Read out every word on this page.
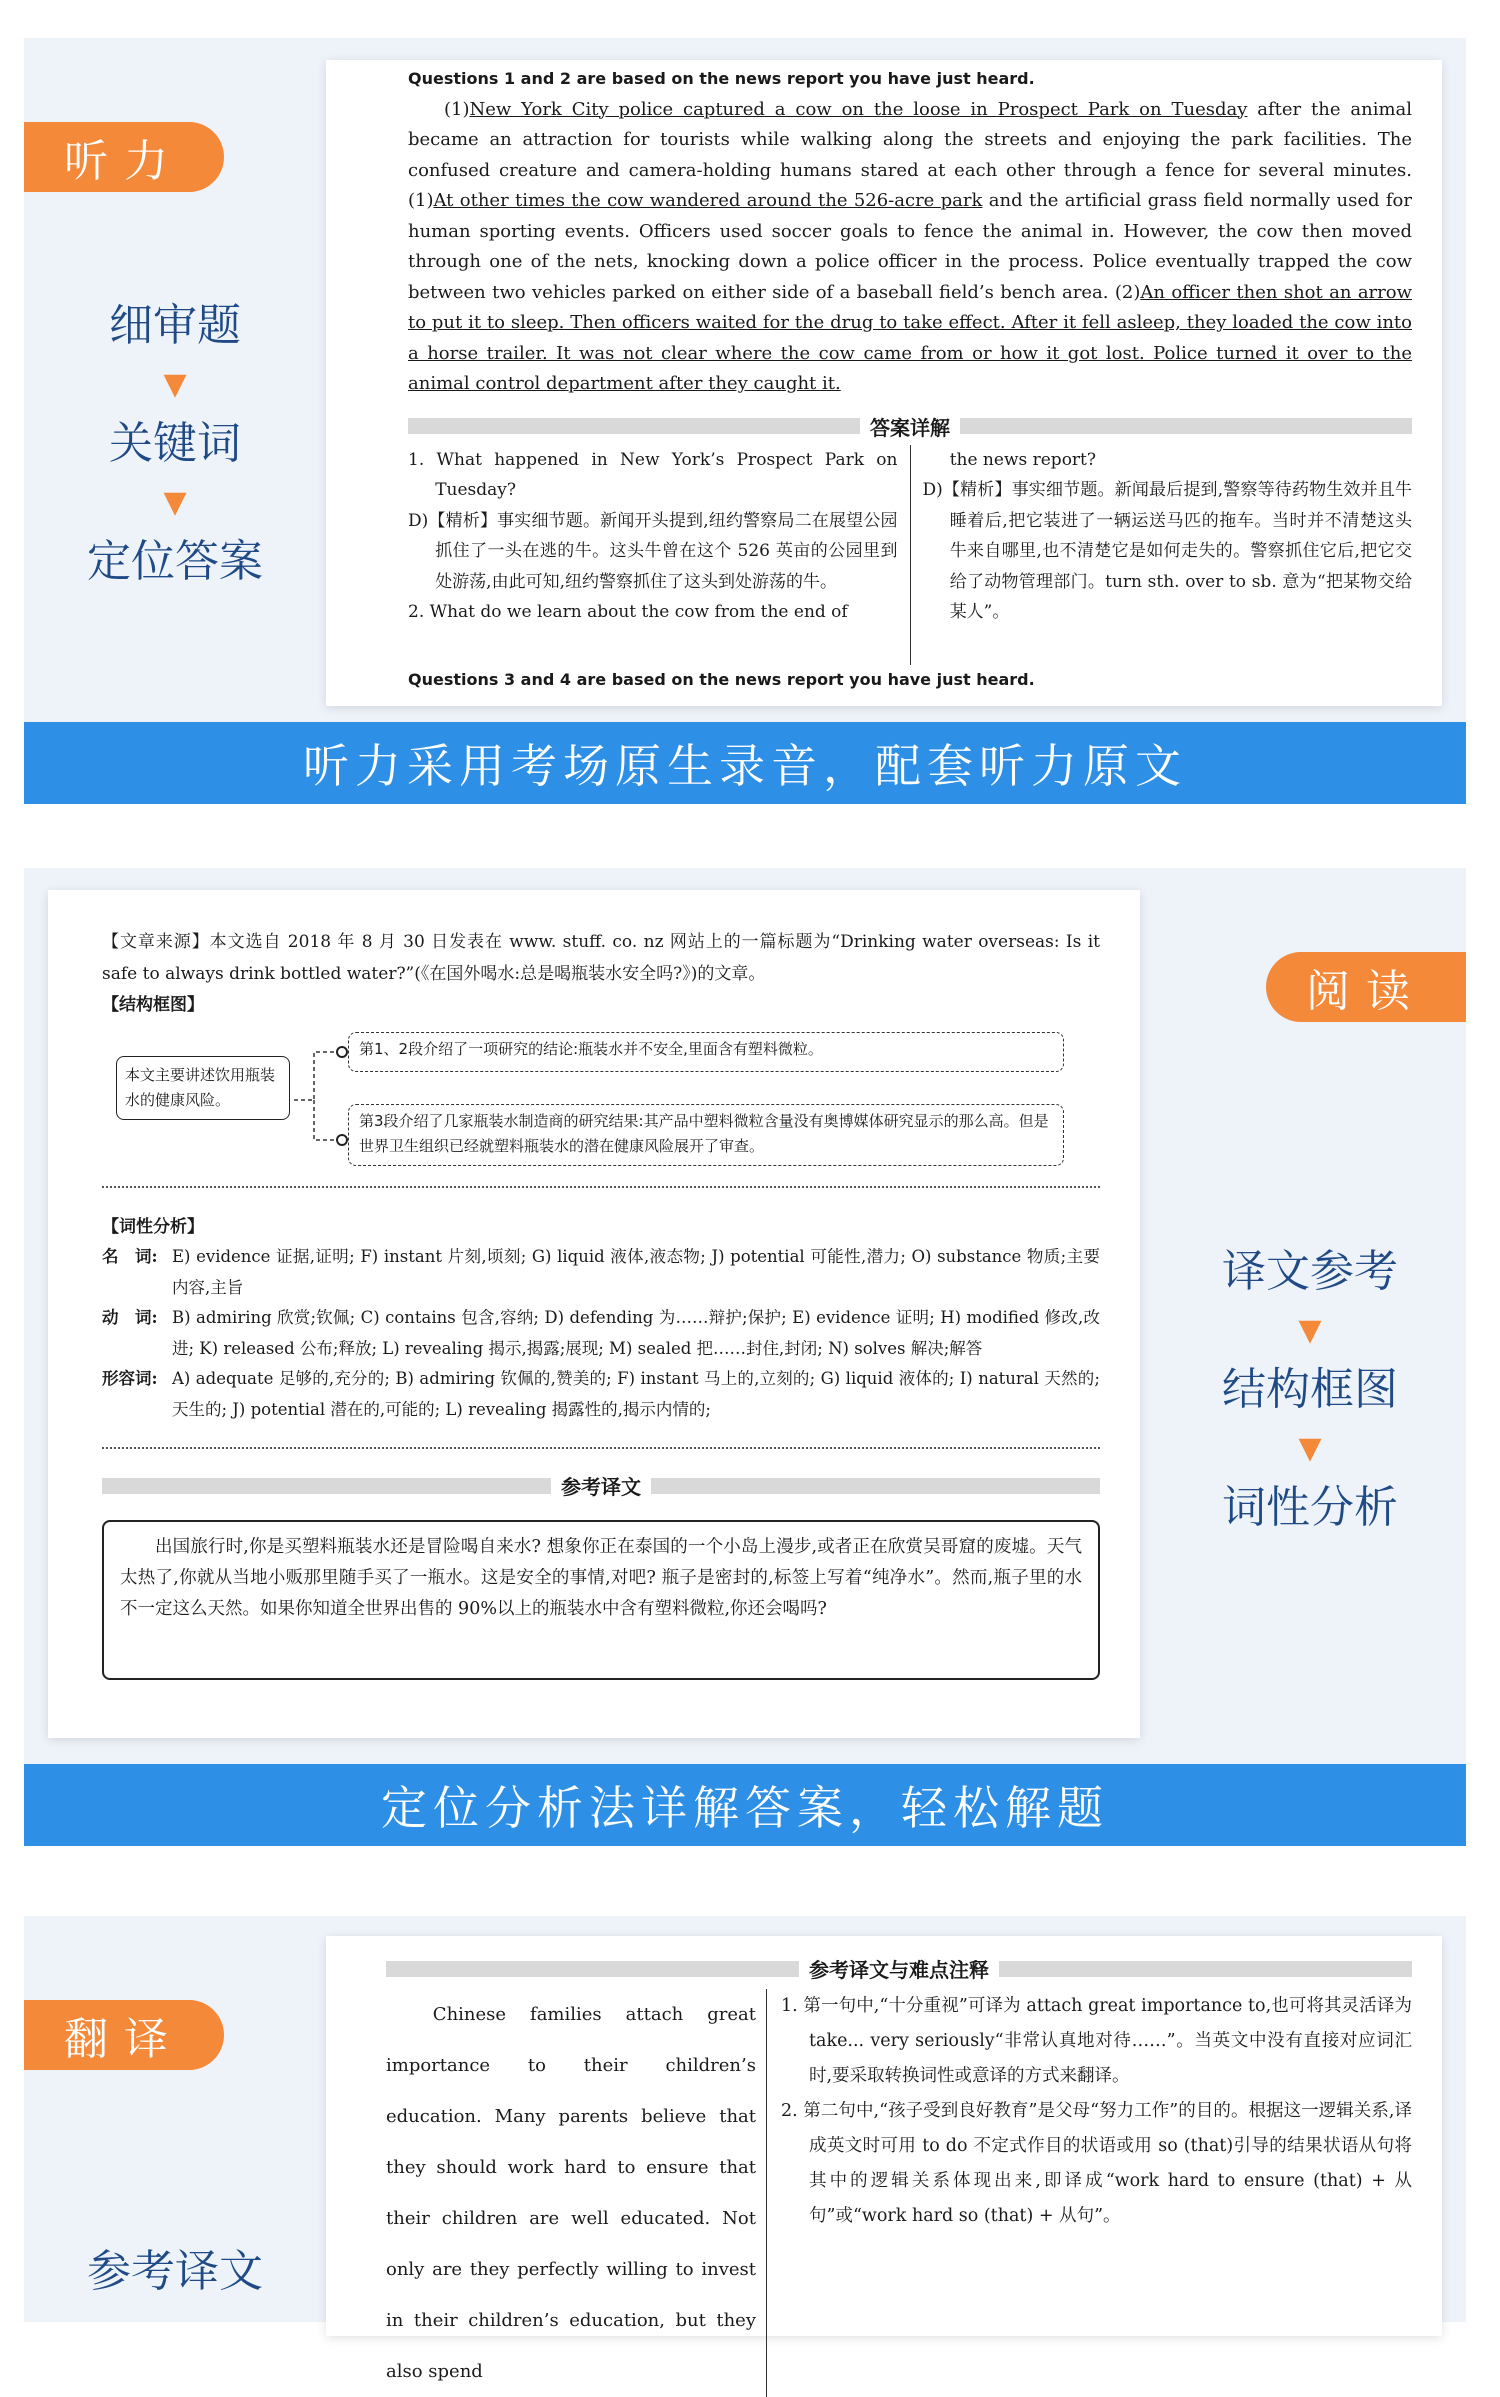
听力
细审题
▼
关键词
▼
定位答案
Questions 1 and 2 are based on the news report you have just heard.
(1)New York City police captured a cow on the loose in Prospect Park on Tuesday after the animal became an attraction for tourists while walking along the streets and enjoying the park facilities. The confused creature and camera-holding humans stared at each other through a fence for several minutes. (1)At other times the cow wandered around the 526-acre park and the artificial grass field normally used for human sporting events. Officers used soccer goals to fence the animal in. However, the cow then moved through one of the nets, knocking down a police officer in the process. Police eventually trapped the cow between two vehicles parked on either side of a baseball field’s bench area. (2)An officer then shot an arrow to put it to sleep. Then officers waited for the drug to take effect. After it fell asleep, they loaded the cow into a horse trailer. It was not clear where the cow came from or how it got lost. Police turned it over to the animal control department after they caught it.
答案详解
1. What happened in New York’s Prospect Park on Tuesday?
D)【精析】事实细节题。新闻开头提到,纽约警察局二在展望公园抓住了一头在逃的牛。这头牛曾在这个 526 英亩的公园里到处游荡,由此可知,纽约警察抓住了这头到处游荡的牛。
2. What do we learn about the cow from the end of
the news report?
D)【精析】事实细节题。新闻最后提到,警察等待药物生效并且牛睡着后,把它装进了一辆运送马匹的拖车。当时并不清楚这头牛来自哪里,也不清楚它是如何走失的。警察抓住它后,把它交给了动物管理部门。turn sth. over to sb. 意为“把某物交给某人”。
Questions 3 and 4 are based on the news report you have just heard.
听力采用考场原生录音，配套听力原文
阅读
译文参考
▼
结构框图
▼
词性分析
【文章来源】本文选自 2018 年 8 月 30 日发表在 www. stuff. co. nz 网站上的一篇标题为“Drinking water overseas: Is it safe to always drink bottled water?”(《在国外喝水:总是喝瓶装水安全吗?》)的文章。
【结构框图】
本文主要讲述饮用瓶装水的健康风险。
第1、2段介绍了一项研究的结论:瓶装水并不安全,里面含有塑料微粒。
第3段介绍了几家瓶装水制造商的研究结果:其产品中塑料微粒含量没有奥博媒体研究显示的那么高。但是世界卫生组织已经就塑料瓶装水的潜在健康风险展开了审查。
【词性分析】
名　词: E) evidence 证据,证明; F) instant 片刻,顷刻; G) liquid 液体,液态物; J) potential 可能性,潜力; O) substance 物质;主要内容,主旨
动　词: B) admiring 欣赏;钦佩; C) contains 包含,容纳; D) defending 为……辩护;保护; E) evidence 证明; H) modified 修改,改进; K) released 公布;释放; L) revealing 揭示,揭露;展现; M) sealed 把……封住,封闭; N) solves 解决;解答
形容词: A) adequate 足够的,充分的; B) admiring 钦佩的,赞美的; F) instant 马上的,立刻的; G) liquid 液体的; I) natural 天然的;天生的; J) potential 潜在的,可能的; L) revealing 揭露性的,揭示内情的;
参考译文
出国旅行时,你是买塑料瓶装水还是冒险喝自来水? 想象你正在泰国的一个小岛上漫步,或者正在欣赏吴哥窟的废墟。天气太热了,你就从当地小贩那里随手买了一瓶水。这是安全的事情,对吧? 瓶子是密封的,标签上写着“纯净水”。然而,瓶子里的水不一定这么天然。如果你知道全世界出售的 90%以上的瓶装水中含有塑料微粒,你还会喝吗?
定位分析法详解答案，轻松解题
翻译
参考译文
参考译文与难点注释
Chinese families attach great importance to their children’s education. Many parents believe that they should work hard to ensure that their children are well educated. Not only are they perfectly willing to invest in their children’s education, but they also spend
1. 第一句中,“十分重视”可译为 attach great importance to,也可将其灵活译为 take... very seriously“非常认真地对待……”。当英文中没有直接对应词汇时,要采取转换词性或意译的方式来翻译。
2. 第二句中,“孩子受到良好教育”是父母“努力工作”的目的。根据这一逻辑关系,译成英文时可用 to do 不定式作目的状语或用 so (that)引导的结果状语从句将其中的逻辑关系体现出来,即译成“work hard to ensure (that) + 从句”或“work hard so (that) + 从句”。
